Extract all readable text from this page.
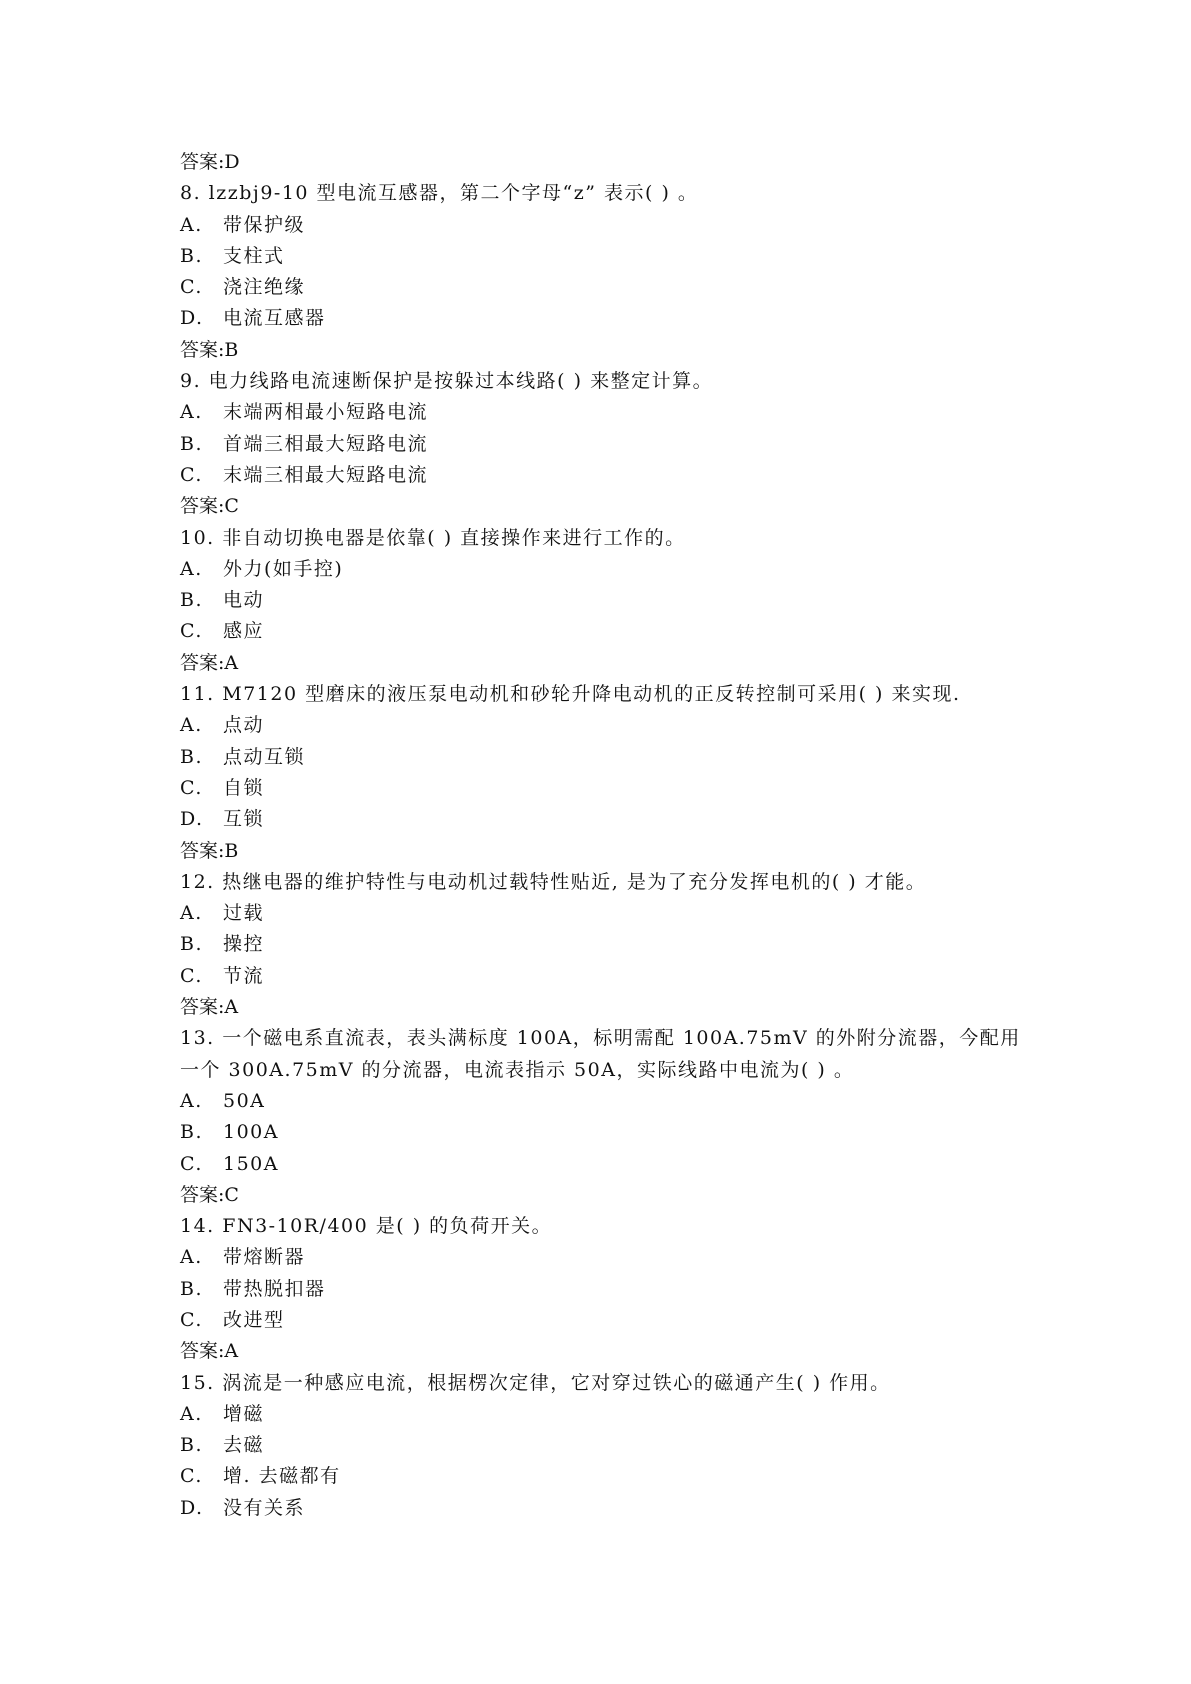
答案:D
8. lzzbj9-10 型电流互感器，第二个字母“z” 表示( ) 。
A. 带保护级
B. 支柱式
C. 浇注绝缘
D. 电流互感器
答案:B
9. 电力线路电流速断保护是按躲过本线路( ) 来整定计算。
A. 末端两相最小短路电流
B. 首端三相最大短路电流
C. 末端三相最大短路电流
答案:C
10. 非自动切换电器是依靠( ) 直接操作来进行工作的。
A. 外力(如手控)
B. 电动
C. 感应
答案:A
11. M7120 型磨床的液压泵电动机和砂轮升降电动机的正反转控制可采用( ) 来实现.
A. 点动
B. 点动互锁
C. 自锁
D. 互锁
答案:B
12. 热继电器的维护特性与电动机过载特性贴近, 是为了充分发挥电机的( ) 才能。
A. 过载
B. 操控
C. 节流
答案:A
13. 一个磁电系直流表，表头满标度 100A，标明需配 100A.75mV 的外附分流器，今配用
一个 300A.75mV 的分流器，电流表指示 50A，实际线路中电流为( ) 。
A. 50A
B. 100A
C. 150A
答案:C
14. FN3-10R/400 是( ) 的负荷开关。
A. 带熔断器
B. 带热脱扣器
C. 改进型
答案:A
15. 涡流是一种感应电流，根据楞次定律，它对穿过铁心的磁通产生( ) 作用。
A. 增磁
B. 去磁
C. 增. 去磁都有
D. 没有关系
